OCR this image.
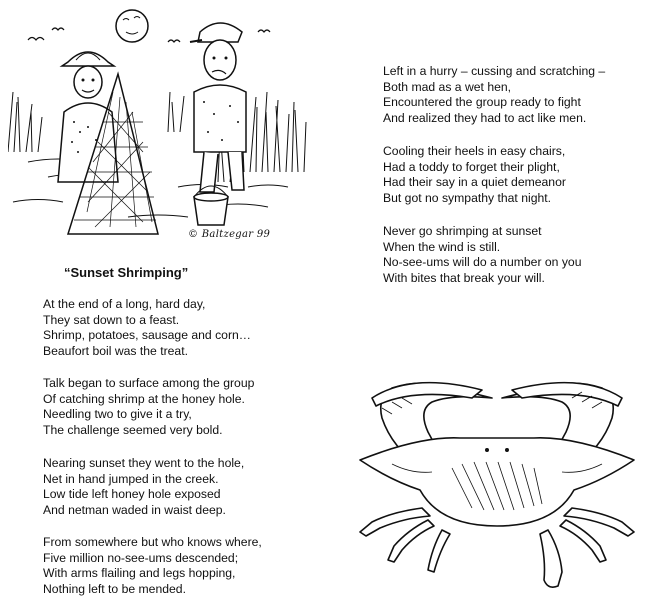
© Baltzegar 99
“Sunset Shrimping”
At the end of a long, hard day,
They sat down to a feast.
Shrimp, potatoes, sausage and corn…
Beaufort boil was the treat.
Talk began to surface among the group
Of catching shrimp at the honey hole.
Needling two to give it a try,
The challenge seemed very bold.
Nearing sunset they went to the hole,
Net in hand jumped in the creek.
Low tide left honey hole exposed
And netman waded in waist deep.
From somewhere but who knows where,
Five million no-see-ums descended;
With arms flailing and legs hopping,
Nothing left to be mended.
Left in a hurry – cussing and scratching –
Both mad as a wet hen,
Encountered the group ready to fight
And realized they had to act like men.
Cooling their heels in easy chairs,
Had a toddy to forget their plight,
Had their say in a quiet demeanor
But got no sympathy that night.
Never go shrimping at sunset
When the wind is still.
No-see-ums will do a number on you
With bites that break your will.
